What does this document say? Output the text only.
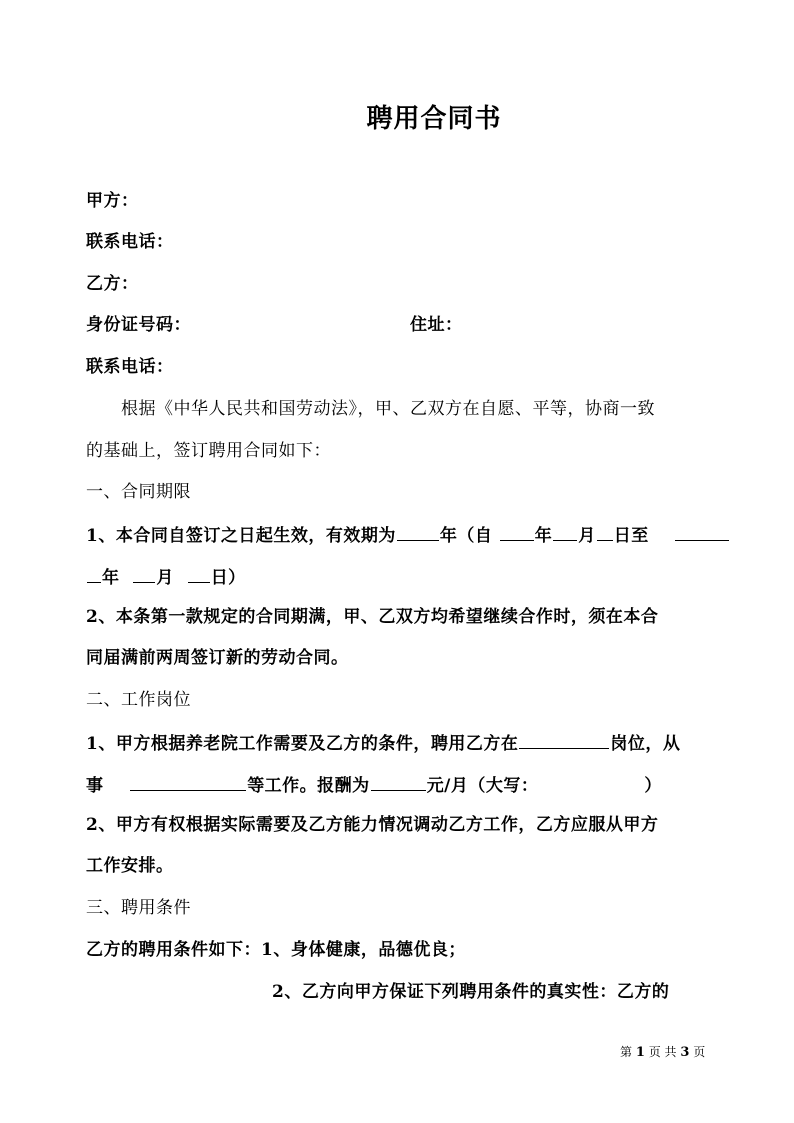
聘用合同书
甲方：
联系电话：
乙方：
身份证号码：	住址：
联系电话：
根据《中华人民共和国劳动法》，甲、乙双方在自愿、平等，协商一致
的基础上，签订聘用合同如下：
一、合同期限
1、本合同自签订之日起生效，有效期为	年（自 年 月 日至
年 月 日）
2、本条第一款规定的合同期满，甲、乙双方均希望继续合作时，须在本合
同届满前两周签订新的劳动合同。
二、工作岗位
1、甲方根据养老院工作需要及乙方的条件，聘用乙方在	岗位，从
事	等工作。报酬为	元/月（大写：	）
2、甲方有权根据实际需要及乙方能力情况调动乙方工作，乙方应服从甲方
工作安排。
三、聘用条件
乙方的聘用条件如下：1、身体健康，品德优良；
2、乙方向甲方保证下列聘用条件的真实性：乙方的
第 1 页 共 3 页
